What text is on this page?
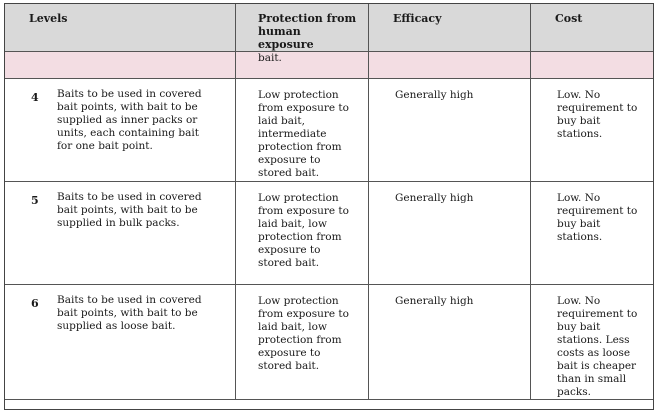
Levels	Protection from human exposure	Efficacy	Cost

	bait.		

4 Baits to be used in covered bait points, with bait to be supplied as inner packs or units, each containing bait for one bait point.	Low protection from exposure to laid bait, intermediate protection from exposure to stored bait.	Generally high	Low. No requirement to buy bait stations.

5 Baits to be used in covered bait points, with bait to be supplied in bulk packs.	Low protection from exposure to laid bait, low protection from exposure to stored bait.	Generally high	Low. No requirement to buy bait stations.

6 Baits to be used in covered bait points, with bait to be supplied as loose bait.	Low protection from exposure to laid bait, low protection from exposure to stored bait.	Generally high	Low. No requirement to buy bait stations. Less costs as loose bait is cheaper than in small packs.
